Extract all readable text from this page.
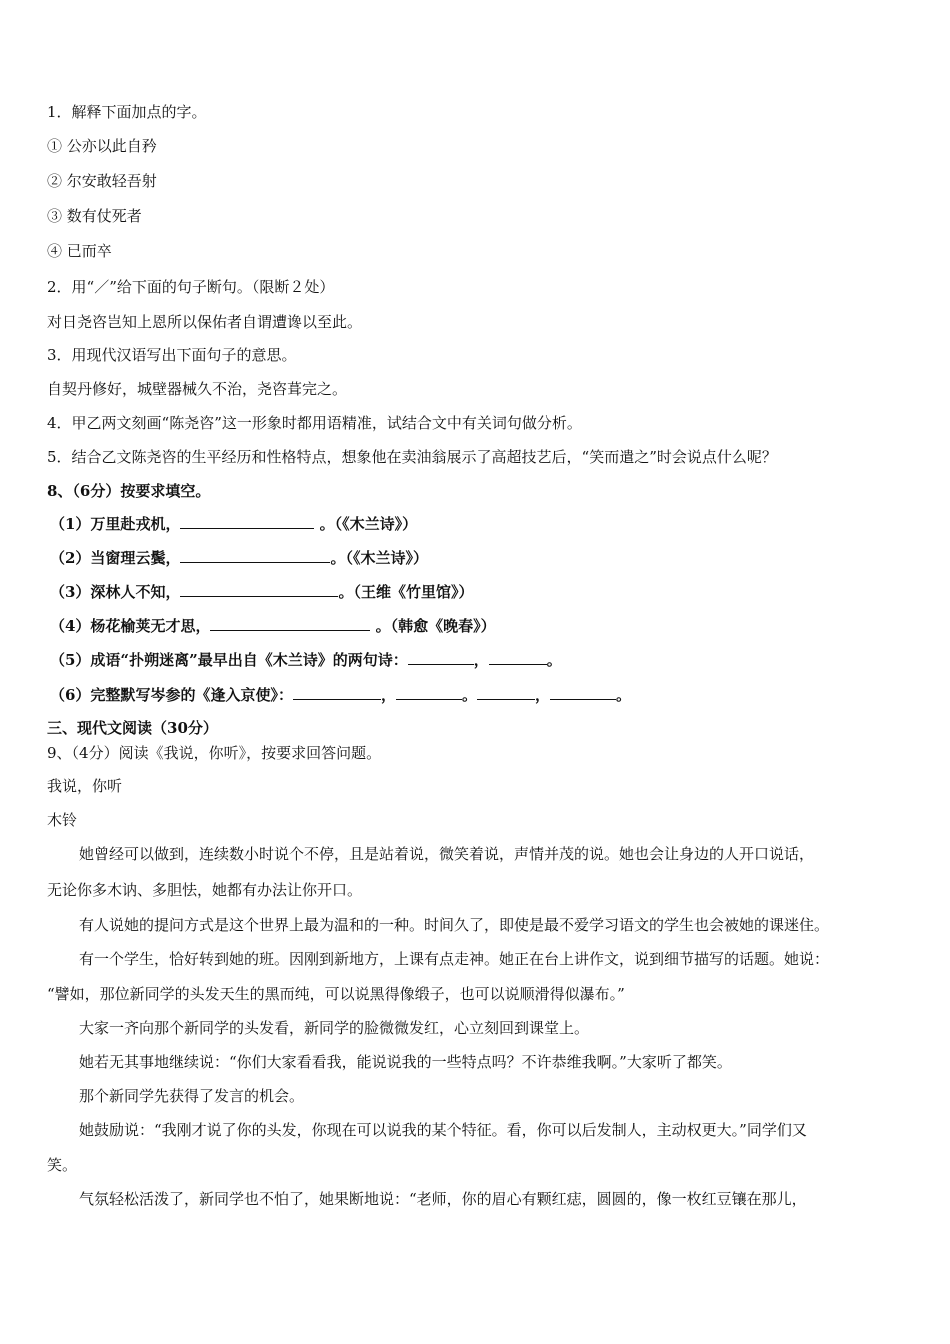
1．解释下面加点的字。
① 公亦以此自矜
② 尔安敢轻吾射
③ 数有仗死者
④ 已而卒
2．用“／”给下面的句子断句。（限断２处）
对日尧咨岂知上恩所以保佑者自谓遭谗以至此。
3．用现代汉语写出下面句子的意思。
自契丹修好，城壁器械久不治，尧咨葺完之。
4．甲乙两文刻画“陈尧咨”这一形象时都用语精准，试结合文中有关词句做分析。
5．结合乙文陈尧咨的生平经历和性格特点，想象他在卖油翁展示了高超技艺后，“笑而遣之”时会说点什么呢？
8、（6分）按要求填空。
（1）万里赴戎机，	。（《木兰诗》）
（2）当窗理云鬓，	。（《木兰诗》）
（3）深林人不知，	。（王维《竹里馆》）
（4）杨花榆荚无才思，	。（韩愈《晚春》）
（5）成语“扑朔迷离”最早出自《木兰诗》的两句诗：	，	。
（6）完整默写岑参的《逢入京使》：	，	。	，	。
三、现代文阅读（30分）
9、（4分）阅读《我说，你听》，按要求回答问题。
我说，你听
木铃
她曾经可以做到，连续数小时说个不停，且是站着说，微笑着说，声情并茂的说。她也会让身边的人开口说话，
无论你多木讷、多胆怯，她都有办法让你开口。
有人说她的提问方式是这个世界上最为温和的一种。时间久了，即使是最不爱学习语文的学生也会被她的课迷住。
有一个学生，恰好转到她的班。因刚到新地方，上课有点走神。她正在台上讲作文，说到细节描写的话题。她说：
“譬如，那位新同学的头发天生的黑而纯，可以说黑得像缎子，也可以说顺滑得似瀑布。”
大家一齐向那个新同学的头发看，新同学的脸微微发红，心立刻回到课堂上。
她若无其事地继续说：“你们大家看看我，能说说我的一些特点吗？不许恭维我啊。”大家听了都笑。
那个新同学先获得了发言的机会。
她鼓励说：“我刚才说了你的头发，你现在可以说我的某个特征。看，你可以后发制人，主动权更大。”同学们又
笑。
气氛轻松活泼了，新同学也不怕了，她果断地说：“老师，你的眉心有颗红痣，圆圆的，像一枚红豆镶在那儿，
